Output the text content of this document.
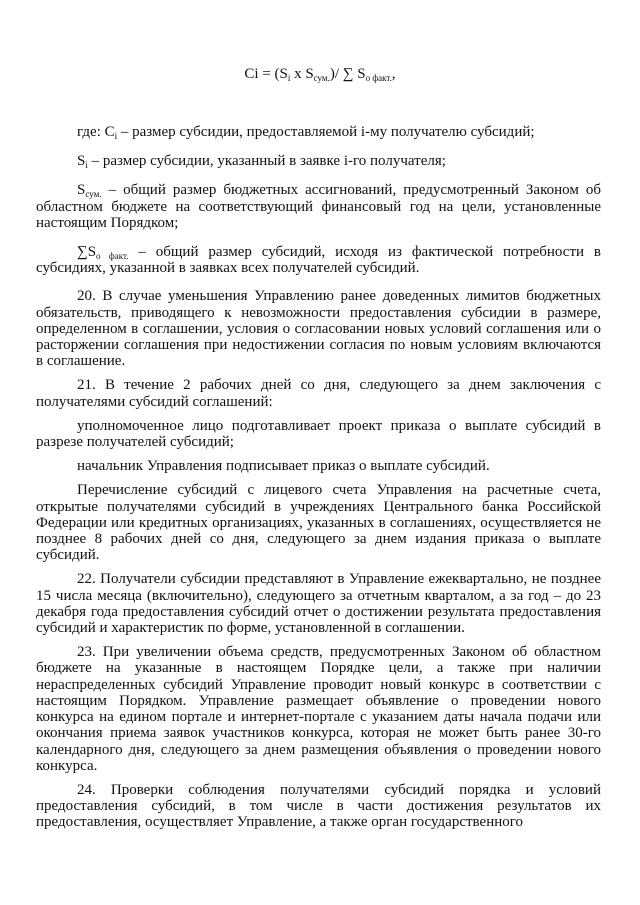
$Ci = (S_i$ x $S_{сум.})/$ ∑ $S_{о факт.}$,

где: $C_i$ – размер субсидии, предоставляемой i-му получателю субсидий;

$S_i$ – размер субсидии, указанный в заявке i-го получателя;

$S_{сум.}$ – общий размер бюджетных ассигнований, предусмотренный Законом об областном бюджете на соответствующий финансовый год на цели, установленные настоящим Порядком;

$\sum S_{о факт.}$ – общий размер субсидий, исходя из фактической потребности в субсидиях, указанной в заявках всех получателей субсидий.

20. В случае уменьшения Управлению ранее доведенных лимитов бюджетных обязательств, приводящего к невозможности предоставления субсидии в размере, определенном в соглашении, условия о согласовании новых условий соглашения или о расторжении соглашения при недостижении согласия по новым условиям включаются в соглашение.

21. В течение 2 рабочих дней со дня, следующего за днем заключения с получателями субсидий соглашений:

уполномоченное лицо подготавливает проект приказа о выплате субсидий в разрезе получателей субсидий;

начальник Управления подписывает приказ о выплате субсидий.

Перечисление субсидий с лицевого счета Управления на расчетные счета, открытые получателями субсидий в учреждениях Центрального банка Российской Федерации или кредитных организациях, указанных в соглашениях, осуществляется не позднее 8 рабочих дней со дня, следующего за днем издания приказа о выплате субсидий.

22. Получатели субсидии представляют в Управление ежеквартально, не позднее 15 числа месяца (включительно), следующего за отчетным кварталом, а за год – до 23 декабря года предоставления субсидий отчет о достижении результата предоставления субсидий и характеристик по форме, установленной в соглашении.

23. При увеличении объема средств, предусмотренных Законом об областном бюджете на указанные в настоящем Порядке цели, а также при наличии нераспределенных субсидий Управление проводит новый конкурс в соответствии с настоящим Порядком. Управление размещает объявление о проведении нового конкурса на едином портале и интернет-портале с указанием даты начала подачи или окончания приема заявок участников конкурса, которая не может быть ранее 30-го календарного дня, следующего за днем размещения объявления о проведении нового конкурса.

24. Проверки соблюдения получателями субсидий порядка и условий предоставления субсидий, в том числе в части достижения результатов их предоставления, осуществляет Управление, а также орган государственного
